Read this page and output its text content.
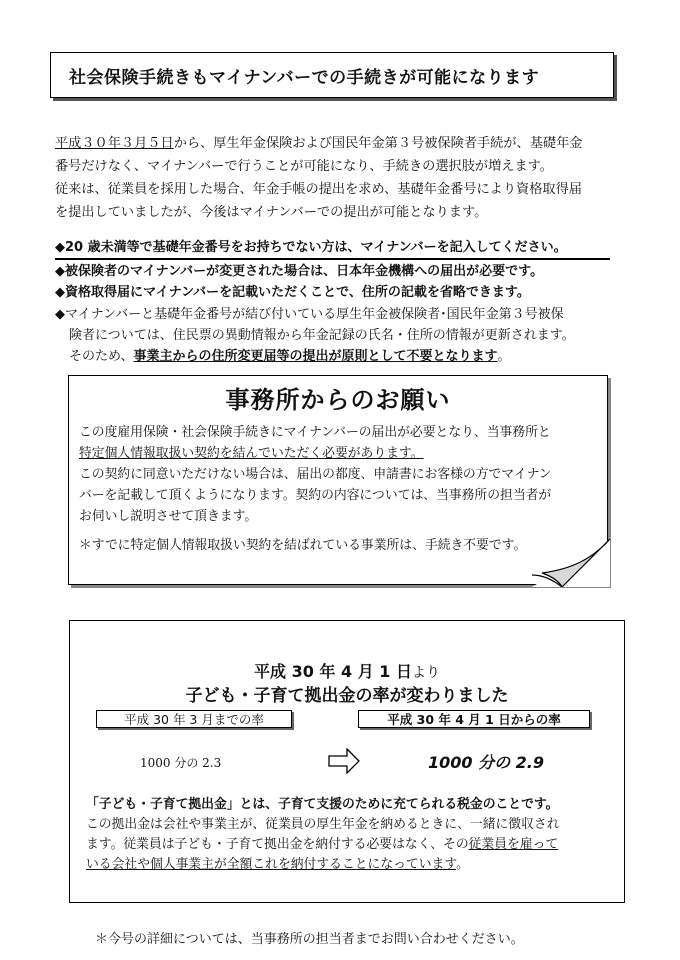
社会保険手続きもマイナンバーでの手続きが可能になります
平成３０年３月５日から、厚生年金保険および国民年金第３号被保険者手続が、基礎年金
番号だけなく、マイナンバーで行うことが可能になり、手続きの選択肢が増えます。
従来は、従業員を採用した場合、年金手帳の提出を求め、基礎年金番号により資格取得届
を提出していましたが、今後はマイナンバーでの提出が可能となります。
◆20 歳未満等で基礎年金番号をお持ちでない方は、マイナンバーを記入してください。
◆被保険者のマイナンバーが変更された場合は、日本年金機構への届出が必要です。
◆資格取得届にマイナンバーを記載いただくことで、住所の記載を省略できます。
◆マイナンバーと基礎年金番号が結び付いている厚生年金被保険者･国民年金第３号被保
険者については、住民票の異動情報から年金記録の氏名・住所の情報が更新されます。
そのため、事業主からの住所変更届等の提出が原則として不要となります。
事務所からのお願い
この度雇用保険・社会保険手続きにマイナンバーの届出が必要となり、当事務所と
特定個人情報取扱い契約を結んでいただく必要があります。
この契約に同意いただけない場合は、届出の都度、申請書にお客様の方でマイナン
バーを記載して頂くようになります。契約の内容については、当事務所の担当者が
お伺いし説明させて頂きます。
＊すでに特定個人情報取扱い契約を結ばれている事業所は、手続き不要です。
平成 30 年 4 月 1 日より
子ども・子育て拠出金の率が変わりました
平成 30 年 3 月までの率	平成 30 年 4 月 1 日からの率
1000 分の 2.3	1000 分の 2.9
「子ども・子育て拠出金」とは、子育て支援のために充てられる税金のことです。
この拠出金は会社や事業主が、従業員の厚生年金を納めるときに、一緒に徴収され
ます。従業員は子ども・子育て拠出金を納付する必要はなく、その従業員を雇って
いる会社や個人事業主が全額これを納付することになっています。
＊今号の詳細については、当事務所の担当者までお問い合わせください。
